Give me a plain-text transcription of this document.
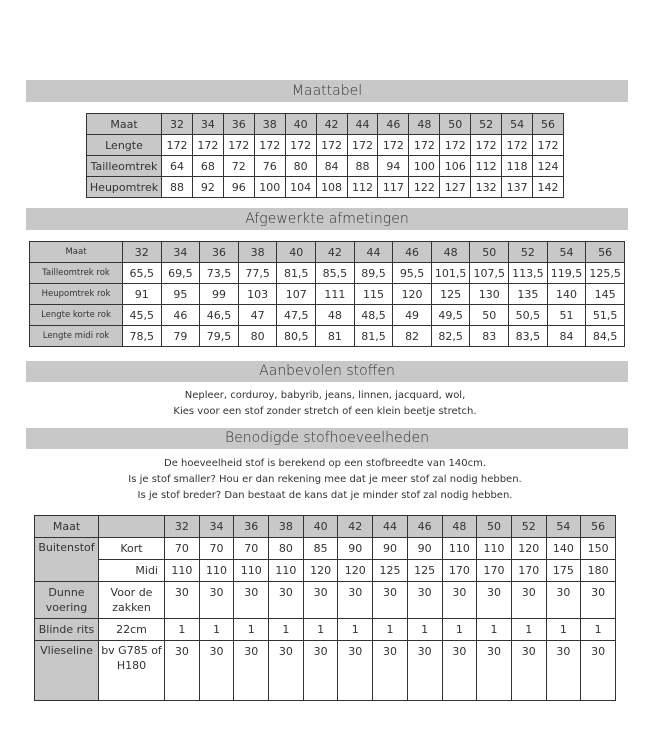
Maattabel
Maat	32	34	36	38	40	42	44	46	48	50	52	54	56
Lengte	172	172	172	172	172	172	172	172	172	172	172	172	172
Tailleomtrek	64	68	72	76	80	84	88	94	100	106	112	118	124
Heupomtrek	88	92	96	100	104	108	112	117	122	127	132	137	142
Afgewerkte afmetingen
Maat	32	34	36	38	40	42	44	46	48	50	52	54	56
Tailleomtrek rok	65,5	69,5	73,5	77,5	81,5	85,5	89,5	95,5	101,5	107,5	113,5	119,5	125,5
Heupomtrek rok	91	95	99	103	107	111	115	120	125	130	135	140	145
Lengte korte rok	45,5	46	46,5	47	47,5	48	48,5	49	49,5	50	50,5	51	51,5
Lengte midi rok	78,5	79	79,5	80	80,5	81	81,5	82	82,5	83	83,5	84	84,5
Aanbevolen stoffen
Nepleer, corduroy, babyrib, jeans, linnen, jacquard, wol,
Kies voor een stof zonder stretch of een klein beetje stretch.
Benodigde stofhoeveelheden
De hoeveelheid stof is berekend op een stofbreedte van 140cm.
Is je stof smaller? Hou er dan rekening mee dat je meer stof zal nodig hebben.
Is je stof breder? Dan bestaat de kans dat je minder stof zal nodig hebben.
Maat		32	34	36	38	40	42	44	46	48	50	52	54	56
Buitenstof	Kort	70	70	70	80	85	90	90	90	110	110	120	140	150
	Midi	110	110	110	110	120	120	125	125	170	170	170	175	180
Dunne voering	Voor de zakken	30	30	30	30	30	30	30	30	30	30	30	30	30
Blinde rits	22cm	1	1	1	1	1	1	1	1	1	1	1	1	1
Vlieseline	bv G785 of H180	30	30	30	30	30	30	30	30	30	30	30	30	30
